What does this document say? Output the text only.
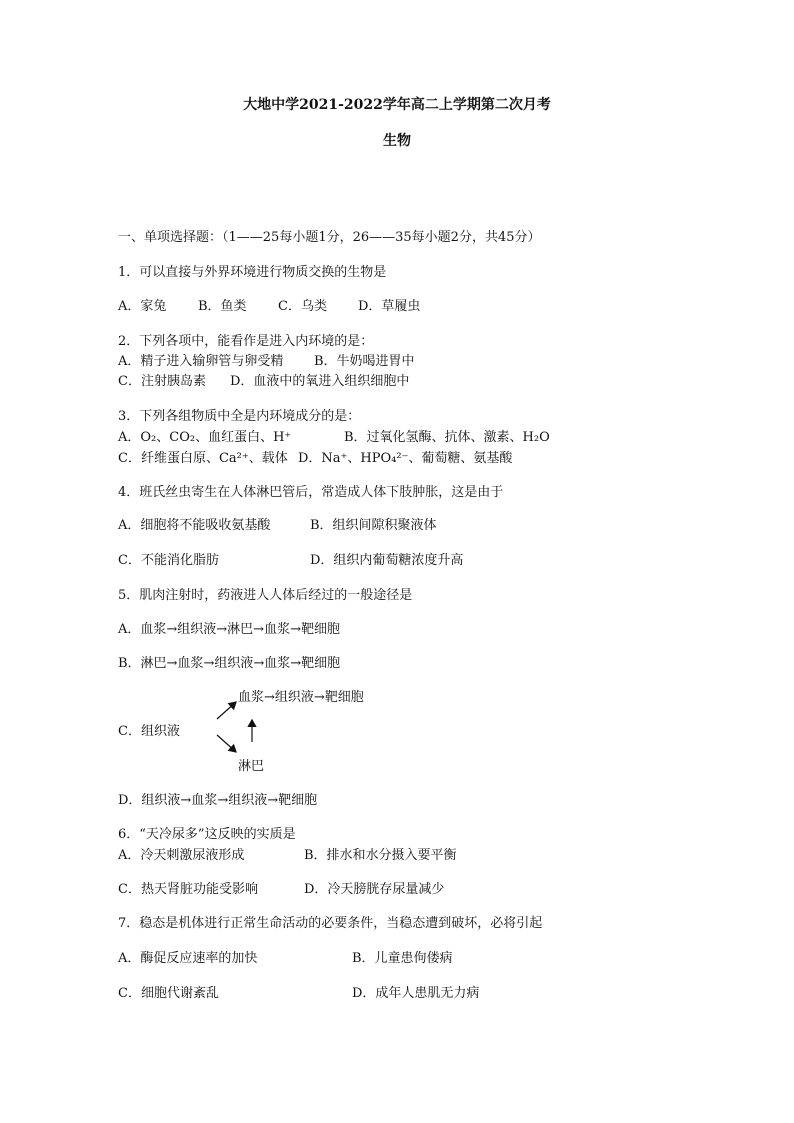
大地中学2021-2022学年高二上学期第二次月考
生物
一、单项选择题：（1——25每小题1分，26——35每小题2分，共45分）
1．可以直接与外界环境进行物质交换的生物是
A．家兔 B．鱼类 C．乌类 D．草履虫
2．下列各项中，能看作是进入内环境的是：
A．精子进入输卵管与卵受精 B．牛奶喝进胃中
C．注射胰岛素 D．血液中的氧进入组织细胞中
3．下列各组物质中全是内环境成分的是：
A．O₂、CO₂、血红蛋白、H⁺	B．过氧化氢酶、抗体、激素、H₂O
C．纤维蛋白原、Ca²⁺、载体 D．Na⁺、HPO₄²⁻、葡萄糖、氨基酸
4．班氏丝虫寄生在人体淋巴管后，常造成人体下肢肿胀，这是由于
A．细胞将不能吸收氨基酸	B．组织间隙积聚液体
C．不能消化脂肪	D．组织内葡萄糖浓度升高
5．肌肉注射时，药液进人人体后经过的一般途径是
A．血浆→组织液→淋巴→血浆→靶细胞
B．淋巴→血浆→组织液→血浆→靶细胞
C．组织液
血浆→组织液→靶细胞
淋巴
D．组织液→血浆→组织液→靶细胞
6．“天冷尿多”这反映的实质是
A．冷天刺激尿液形成	B．排水和水分摄入要平衡
C．热天肾脏功能受影响	D．冷天膀胱存尿量减少
7．稳态是机体进行正常生命活动的必要条件，当稳态遭到破坏，必将引起
A．酶促反应速率的加快	B．儿童患佝偻病
C．细胞代谢紊乱	D．成年人患肌无力病
